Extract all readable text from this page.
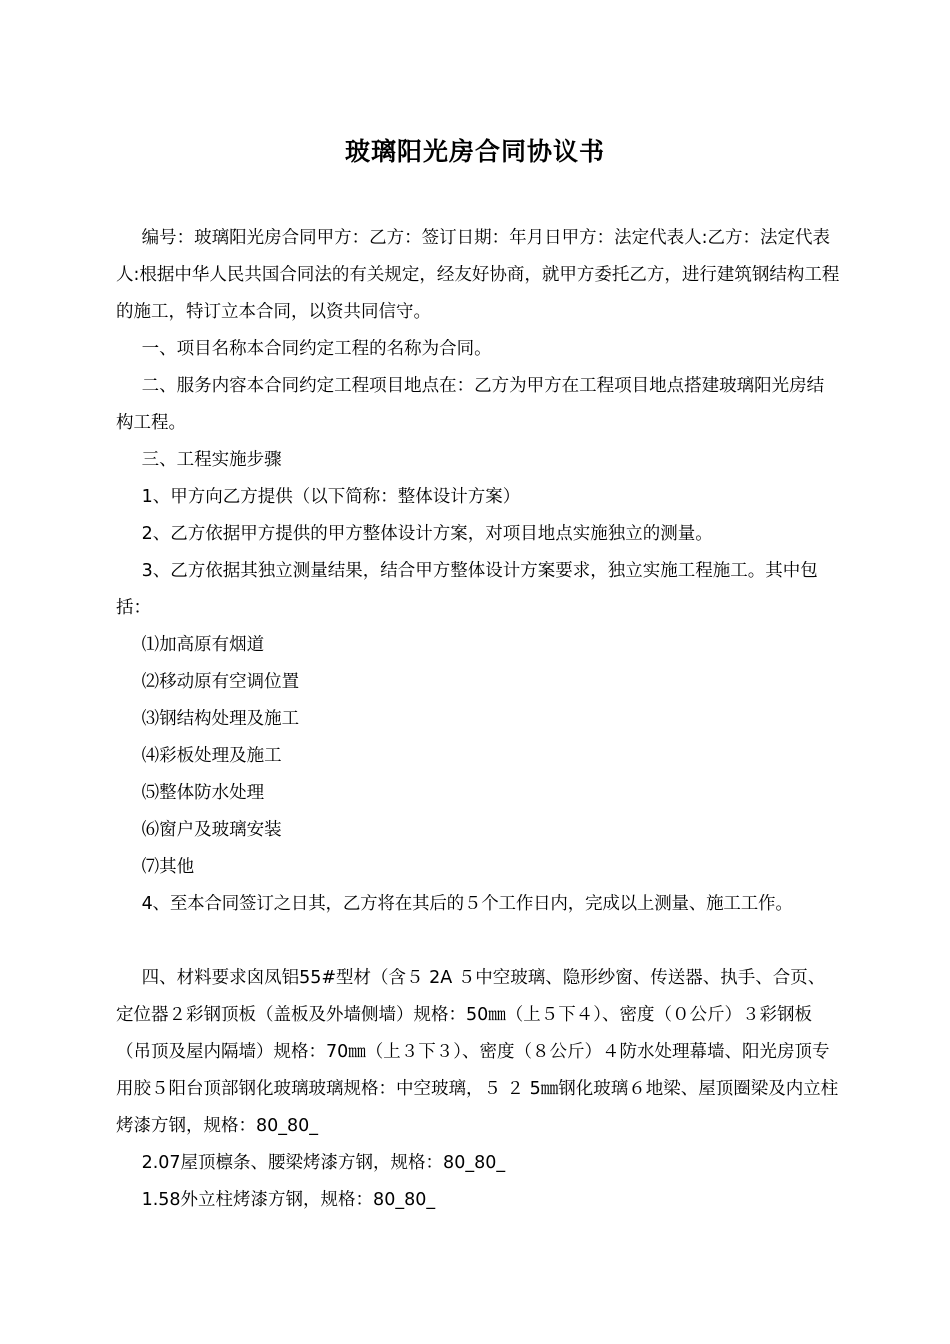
玻璃阳光房合同协议书

编号：玻璃阳光房合同甲方：乙方：签订日期：年月日甲方：法定代表人:乙方：法定代表人:根据中华人民共国合同法的有关规定，经友好协商，就甲方委托乙方，进行建筑钢结构工程的施工，特订立本合同，以资共同信守。

一、项目名称本合同约定工程的名称为合同。

二、服务内容本合同约定工程项目地点在：乙方为甲方在工程项目地点搭建玻璃阳光房结构工程。

三、工程实施步骤

1、甲方向乙方提供（以下简称：整体设计方案）

2、乙方依据甲方提供的甲方整体设计方案，对项目地点实施独立的测量。

3、乙方依据其独立测量结果，结合甲方整体设计方案要求，独立实施工程施工。其中包括：

⑴加高原有烟道

⑵移动原有空调位置

⑶钢结构处理及施工

⑷彩板处理及施工

⑸整体防水处理

⑹窗户及玻璃安装

⑺其他

4、至本合同签订之日其，乙方将在其后的５个工作日内，完成以上测量、施工工作。

四、材料要求囟凤铝55#型材（含５ 2A ５中空玻璃、隐形纱窗、传送器、执手、合页、定位器２彩钢顶板（盖板及外墙侧墙）规格：50㎜（上５下４）、密度（０公斤）３彩钢板（吊顶及屋内隔墙）规格：70㎜（上３下３）、密度（８公斤）４防水处理幕墙、阳光房顶专用胶５阳台顶部钢化玻璃玻璃规格：中空玻璃，５ ２ 5㎜钢化玻璃６地梁、屋顶圈梁及内立柱烤漆方钢，规格：80_80_

2.07屋顶檩条、腰梁烤漆方钢，规格：80_80_

1.58外立柱烤漆方钢，规格：80_80_
